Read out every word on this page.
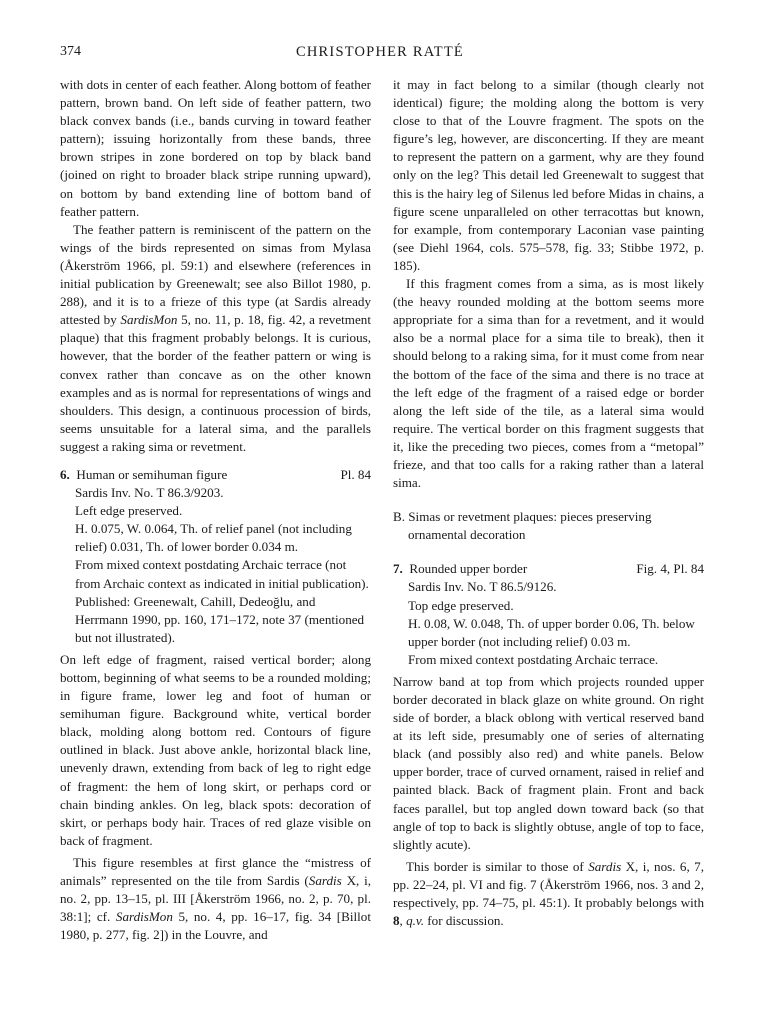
374	CHRISTOPHER RATTÉ

with dots in center of each feather. Along bottom of feather pattern, brown band. On left side of feather pattern, two black convex bands (i.e., bands curving in toward feather pattern); issuing horizontally from these bands, three brown stripes in zone bordered on top by black band (joined on right to broader black stripe running upward), on bottom by band extending line of bottom band of feather pattern.

The feather pattern is reminiscent of the pattern on the wings of the birds represented on simas from Mylasa (Åkerström 1966, pl. 59:1) and elsewhere (references in initial publication by Greenewalt; see also Billot 1980, p. 288), and it is to a frieze of this type (at Sardis already attested by SardisMon 5, no. 11, p. 18, fig. 42, a revetment plaque) that this fragment probably belongs. It is curious, however, that the border of the feather pattern or wing is convex rather than concave as on the other known examples and as is normal for representations of wings and shoulders. This design, a continuous procession of birds, seems unsuitable for a lateral sima, and the parallels suggest a raking sima or revetment.

6. Human or semihuman figure	Pl. 84

Sardis Inv. No. T 86.3/9203.

Left edge preserved.

H. 0.075, W. 0.064, Th. of relief panel (not including relief) 0.031, Th. of lower border 0.034 m.

From mixed context postdating Archaic terrace (not from Archaic context as indicated in initial publication).

Published: Greenewalt, Cahill, Dedeoğlu, and Herrmann 1990, pp. 160, 171–172, note 37 (mentioned but not illustrated).

On left edge of fragment, raised vertical border; along bottom, beginning of what seems to be a rounded molding; in figure frame, lower leg and foot of human or semihuman figure. Background white, vertical border black, molding along bottom red. Contours of figure outlined in black. Just above ankle, horizontal black line, unevenly drawn, extending from back of leg to right edge of fragment: the hem of long skirt, or perhaps cord or chain binding ankles. On leg, black spots: decoration of skirt, or perhaps body hair. Traces of red glaze visible on back of fragment.

This figure resembles at first glance the “mistress of animals” represented on the tile from Sardis (Sardis X, i, no. 2, pp. 13–15, pl. III [Åkerström 1966, no. 2, p. 70, pl. 38:1]; cf. SardisMon 5, no. 4, pp. 16–17, fig. 34 [Billot 1980, p. 277, fig. 2]) in the Louvre, and

it may in fact belong to a similar (though clearly not identical) figure; the molding along the bottom is very close to that of the Louvre fragment. The spots on the figure’s leg, however, are disconcerting. If they are meant to represent the pattern on a garment, why are they found only on the leg? This detail led Greenewalt to suggest that this is the hairy leg of Silenus led before Midas in chains, a figure scene unparalleled on other terracottas but known, for example, from contemporary Laconian vase painting (see Diehl 1964, cols. 575–578, fig. 33; Stibbe 1972, p. 185).

If this fragment comes from a sima, as is most likely (the heavy rounded molding at the bottom seems more appropriate for a sima than for a revetment, and it would also be a normal place for a sima tile to break), then it should belong to a raking sima, for it must come from near the bottom of the face of the sima and there is no trace at the left edge of the fragment of a raised edge or border along the left side of the tile, as a lateral sima would require. The vertical border on this fragment suggests that it, like the preceding two pieces, comes from a “metopal” frieze, and that too calls for a raking rather than a lateral sima.

B. Simas or revetment plaques: pieces preserving ornamental decoration

7. Rounded upper border	Fig. 4, Pl. 84

Sardis Inv. No. T 86.5/9126.

Top edge preserved.

H. 0.08, W. 0.048, Th. of upper border 0.06, Th. below upper border (not including relief) 0.03 m.

From mixed context postdating Archaic terrace.

Narrow band at top from which projects rounded upper border decorated in black glaze on white ground. On right side of border, a black oblong with vertical reserved band at its left side, presumably one of series of alternating black (and possibly also red) and white panels. Below upper border, trace of curved ornament, raised in relief and painted black. Back of fragment plain. Front and back faces parallel, but top angled down toward back (so that angle of top to back is slightly obtuse, angle of top to face, slightly acute).

This border is similar to those of Sardis X, i, nos. 6, 7, pp. 22–24, pl. VI and fig. 7 (Åkerström 1966, nos. 3 and 2, respectively, pp. 74–75, pl. 45:1). It probably belongs with 8, q.v. for discussion.
